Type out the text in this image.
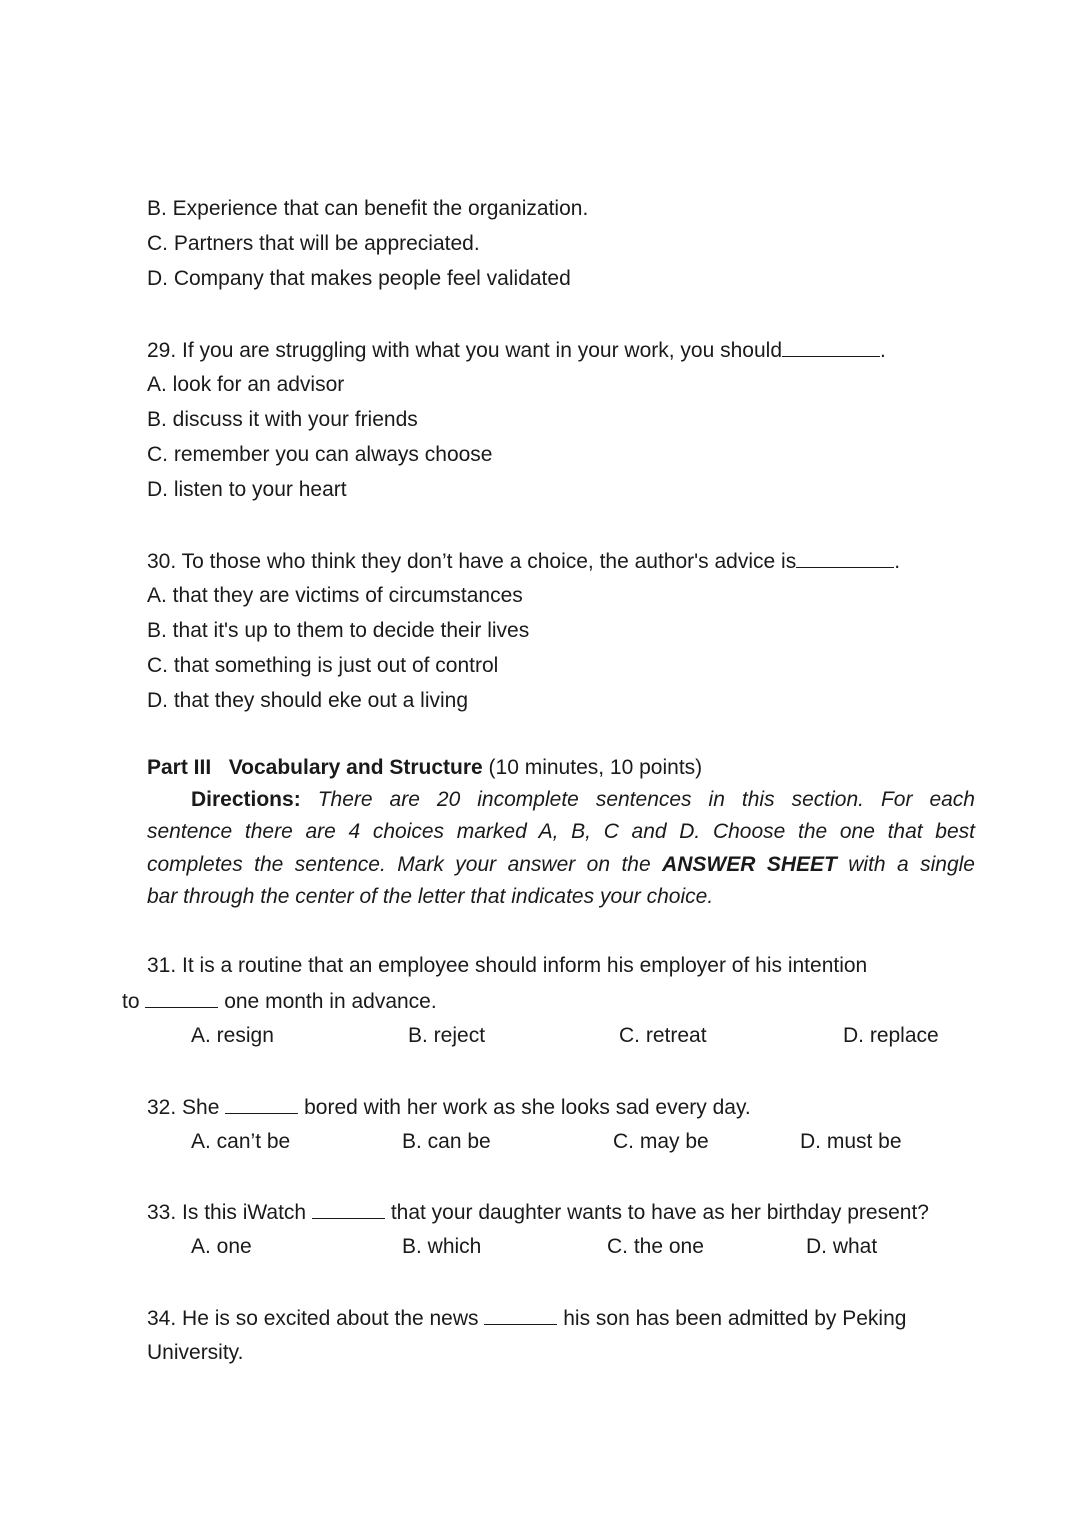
B. Experience that can benefit the organization.
C. Partners that will be appreciated.
D. Company that makes people feel validated
29. If you are struggling with what you want in your work, you should	.
A. look for an advisor
B. discuss it with your friends
C. remember you can always choose
D. listen to your heart
30. To those who think they don’t have a choice, the author's advice is	.
A. that they are victims of circumstances
B. that it's up to them to decide their lives
C. that something is just out of control
D. that they should eke out a living
Part III   Vocabulary and Structure (10 minutes, 10 points)
Directions: There are 20 incomplete sentences in this section. For each
sentence there are 4 choices marked A, B, C and D. Choose the one that best
completes the sentence. Mark your answer on the ANSWER SHEET with a single
bar through the center of the letter that indicates your choice.
31. It is a routine that an employee should inform his employer of his intention
to	one month in advance.
A. resign	B. reject	C. retreat	D. replace
32. She	bored with her work as she looks sad every day.
A. can’t be	B. can be	C. may be	D. must be
33. Is this iWatch	that your daughter wants to have as her birthday present?
A. one	B. which	C. the one	D. what
34. He is so excited about the news	his son has been admitted by Peking
University.
